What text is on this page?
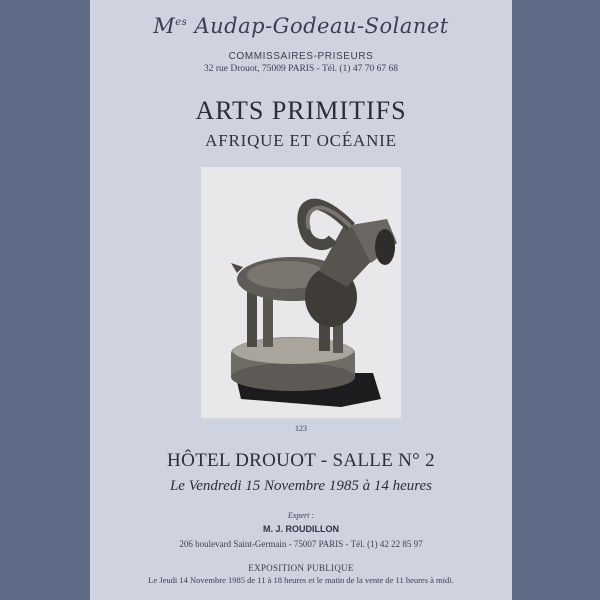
$M^{es}$ Audap-Godeau-Solanet
COMMISSAIRES-PRISEURS
32 rue Drouot, 75009 PARIS - Tél. (1) 47 70 67 68
ARTS PRIMITIFS
AFRIQUE ET OCÉANIE
123
HÔTEL DROUOT - SALLE N° 2
Le Vendredi 15 Novembre 1985 à 14 heures
Expert :
M. J. ROUDILLON
206 boulevard Saint-Germain - 75007 PARIS - Tél. (1) 42 22 85 97
EXPOSITION PUBLIQUE
Le Jeudi 14 Novembre 1985 de 11 à 18 heures et le matin de la vente de 11 heures à midi.
